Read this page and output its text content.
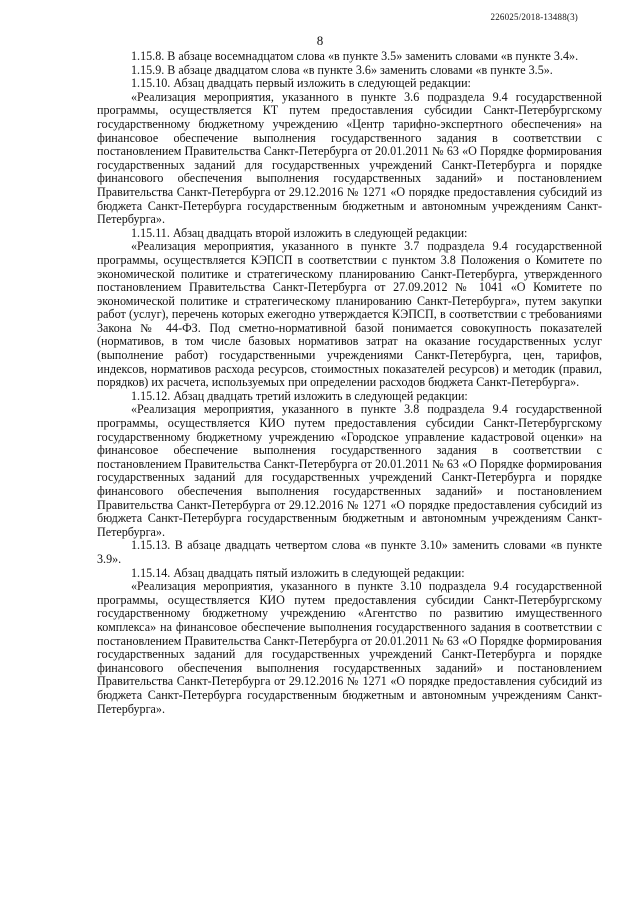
226025/2018-13488(3)
8

1.15.8. В абзаце восемнадцатом слова «в пункте 3.5» заменить словами «в пункте 3.4».

1.15.9. В абзаце двадцатом слова «в пункте 3.6» заменить словами «в пункте 3.5».

1.15.10. Абзац двадцать первый изложить в следующей редакции:

«Реализация мероприятия, указанного в пункте 3.6 подраздела 9.4 государственной программы, осуществляется КТ путем предоставления субсидии Санкт-Петербургскому государственному бюджетному учреждению «Центр тарифно-экспертного обеспечения» на финансовое обеспечение выполнения государственного задания в соответствии с постановлением Правительства Санкт-Петербурга от 20.01.2011 № 63 «О Порядке формирования государственных заданий для государственных учреждений Санкт-Петербурга и порядке финансового обеспечения выполнения государственных заданий» и постановлением Правительства Санкт-Петербурга от 29.12.2016 № 1271 «О порядке предоставления субсидий из бюджета Санкт-Петербурга государственным бюджетным и автономным учреждениям Санкт-Петербурга».

1.15.11. Абзац двадцать второй изложить в следующей редакции:

«Реализация мероприятия, указанного в пункте 3.7 подраздела 9.4 государственной программы, осуществляется КЭПСП в соответствии с пунктом 3.8 Положения о Комитете по экономической политике и стратегическому планированию Санкт-Петербурга, утвержденного постановлением Правительства Санкт-Петербурга от 27.09.2012 № 1041 «О Комитете по экономической политике и стратегическому планированию Санкт-Петербурга», путем закупки работ (услуг), перечень которых ежегодно утверждается КЭПСП, в соответствии с требованиями Закона № 44-ФЗ. Под сметно-нормативной базой понимается совокупность показателей (нормативов, в том числе базовых нормативов затрат на оказание государственных услуг (выполнение работ) государственными учреждениями Санкт-Петербурга, цен, тарифов, индексов, нормативов расхода ресурсов, стоимостных показателей ресурсов) и методик (правил, порядков) их расчета, используемых при определении расходов бюджета Санкт-Петербурга».

1.15.12. Абзац двадцать третий изложить в следующей редакции:

«Реализация мероприятия, указанного в пункте 3.8 подраздела 9.4 государственной программы, осуществляется КИО путем предоставления субсидии Санкт-Петербургскому государственному бюджетному учреждению «Городское управление кадастровой оценки» на финансовое обеспечение выполнения государственного задания в соответствии с постановлением Правительства Санкт-Петербурга от 20.01.2011 № 63 «О Порядке формирования государственных заданий для государственных учреждений Санкт-Петербурга и порядке финансового обеспечения выполнения государственных заданий» и постановлением Правительства Санкт-Петербурга от 29.12.2016 № 1271 «О порядке предоставления субсидий из бюджета Санкт-Петербурга государственным бюджетным и автономным учреждениям Санкт-Петербурга».

1.15.13. В абзаце двадцать четвертом слова «в пункте 3.10» заменить словами «в пункте 3.9».

1.15.14. Абзац двадцать пятый изложить в следующей редакции:

«Реализация мероприятия, указанного в пункте 3.10 подраздела 9.4 государственной программы, осуществляется КИО путем предоставления субсидии Санкт-Петербургскому государственному бюджетному учреждению «Агентство по развитию имущественного комплекса» на финансовое обеспечение выполнения государственного задания в соответствии с постановлением Правительства Санкт-Петербурга от 20.01.2011 № 63 «О Порядке формирования государственных заданий для государственных учреждений Санкт-Петербурга и порядке финансового обеспечения выполнения государственных заданий» и постановлением Правительства Санкт-Петербурга от 29.12.2016 № 1271 «О порядке предоставления субсидий из бюджета Санкт-Петербурга государственным бюджетным и автономным учреждениям Санкт-Петербурга».
